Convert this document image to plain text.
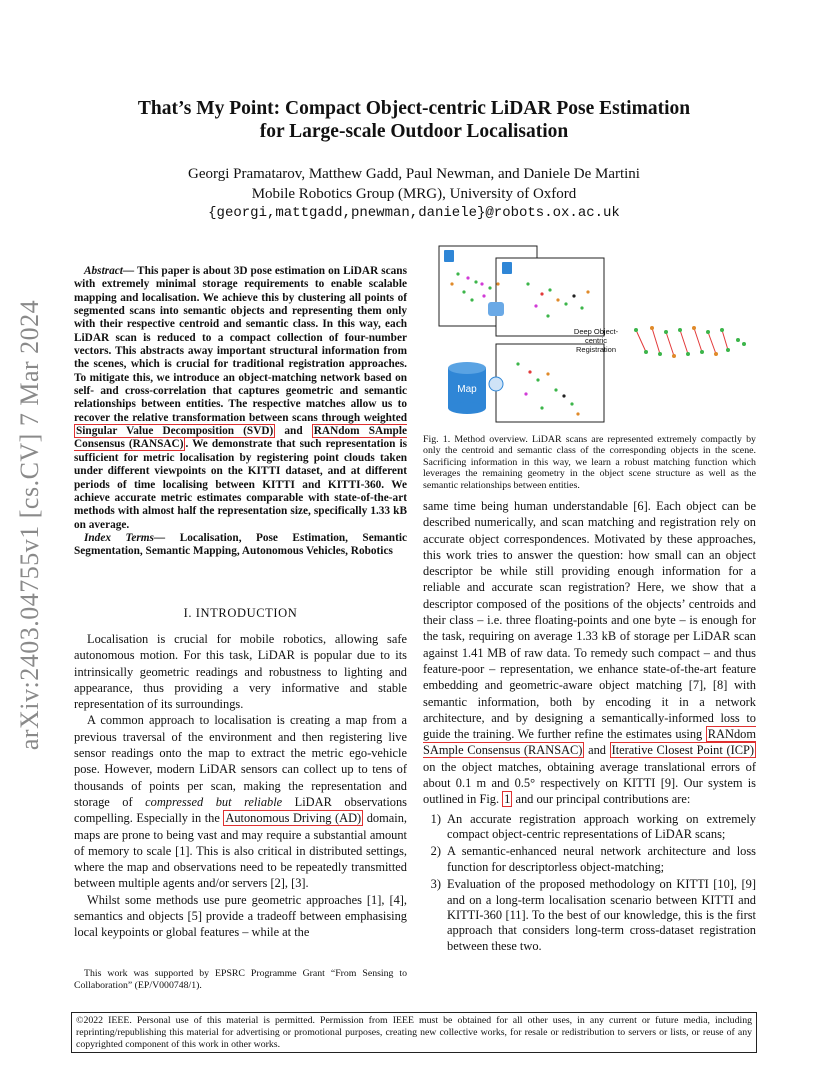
arXiv:2403.04755v1 [cs.CV] 7 Mar 2024
That’s My Point: Compact Object-centric LiDAR Pose Estimation
for Large-scale Outdoor Localisation
Georgi Pramatarov, Matthew Gadd, Paul Newman, and Daniele De Martini
Mobile Robotics Group (MRG), University of Oxford
{georgi,mattgadd,pnewman,daniele}@robots.ox.ac.uk

Abstract— This paper is about 3D pose estimation on LiDAR scans with extremely minimal storage requirements to enable scalable mapping and localisation. We achieve this by clustering all points of segmented scans into semantic objects and representing them only with their respective centroid and semantic class. In this way, each LiDAR scan is reduced to a compact collection of four-number vectors. This abstracts away important structural information from the scenes, which is crucial for traditional registration approaches. To mitigate this, we introduce an object-matching network based on self- and cross-correlation that captures geometric and semantic relationships between entities. The respective matches allow us to recover the relative transformation between scans through weighted Singular Value Decomposition (SVD) and RANdom SAmple Consensus (RANSAC) . We demonstrate that such representation is sufficient for metric localisation by registering point clouds taken under different viewpoints on the KITTI dataset, and at different periods of time localising between KITTI and KITTI-360. We achieve accurate metric estimates comparable with state-of-the-art methods with almost half the representation size, specifically 1.33 kB on average.

Index Terms— Localisation, Pose Estimation, Semantic Segmentation, Semantic Mapping, Autonomous Vehicles, Robotics

I. INTRODUCTION

Localisation is crucial for mobile robotics, allowing safe autonomous motion. For this task, LiDAR is popular due to its intrinsically geometric readings and robustness to lighting and appearance, thus providing a very informative and stable representation of its surroundings.

A common approach to localisation is creating a map from a previous traversal of the environment and then registering live sensor readings onto the map to extract the metric ego-vehicle pose. However, modern LiDAR sensors can collect up to tens of thousands of points per scan, making the representation and storage of compressed but reliable LiDAR observations compelling. Especially in the Autonomous Driving (AD) domain, maps are prone to being vast and may require a substantial amount of memory to scale [1]. This is also critical in distributed settings, where the map and observations need to be repeatedly transmitted between multiple agents and/or servers [2], [3].

Whilst some methods use pure geometric approaches [1], [4], semantics and objects [5] provide a tradeoff between emphasising local keypoints or global features – while at the

This work was supported by EPSRC Programme Grant “From Sensing to Collaboration” (EP/V000748/1).

Map
Deep Object-
centric
Registration
Fig. 1. Method overview. LiDAR scans are represented extremely compactly by only the centroid and semantic class of the corresponding objects in the scene. Sacrificing information in this way, we learn a robust matching function which leverages the remaining geometry in the object scene structure as well as the semantic relationships between entities.
same time being human understandable [6]. Each object can be described numerically, and scan matching and registration rely on accurate object correspondences. Motivated by these approaches, this work tries to answer the question: how small can an object descriptor be while still providing enough information for a reliable and accurate scan registration? Here, we show that a descriptor composed of the positions of the objects’ centroids and their class – i.e. three floating-points and one byte – is enough for the task, requiring on average 1.33 kB of storage per LiDAR scan against 1.41 MB of raw data. To remedy such compact – and thus feature-poor – representation, we enhance state-of-the-art feature embedding and geometric-aware object matching [7], [8] with semantic information, both by encoding it in a network architecture, and by designing a semantically-informed loss to guide the training. We further refine the estimates using RANdom SAmple Consensus (RANSAC) and Iterative Closest Point (ICP) on the object matches, obtaining average translational errors of about 0.1 m and 0.5° respectively on KITTI [9]. Our system is outlined in Fig. 1 and our principal contributions are:
1) An accurate registration approach working on extremely compact object-centric representations of LiDAR scans;
2) A semantic-enhanced neural network architecture and loss function for descriptorless object-matching;
3) Evaluation of the proposed methodology on KITTI [10], [9] and on a long-term localisation scenario between KITTI and KITTI-360 [11]. To the best of our knowledge, this is the first approach that considers long-term cross-dataset registration between these two.
©2022 IEEE. Personal use of this material is permitted. Permission from IEEE must be obtained for all other uses, in any current or future media, including reprinting/republishing this material for advertising or promotional purposes, creating new collective works, for resale or redistribution to servers or lists, or reuse of any copyrighted component of this work in other works.
